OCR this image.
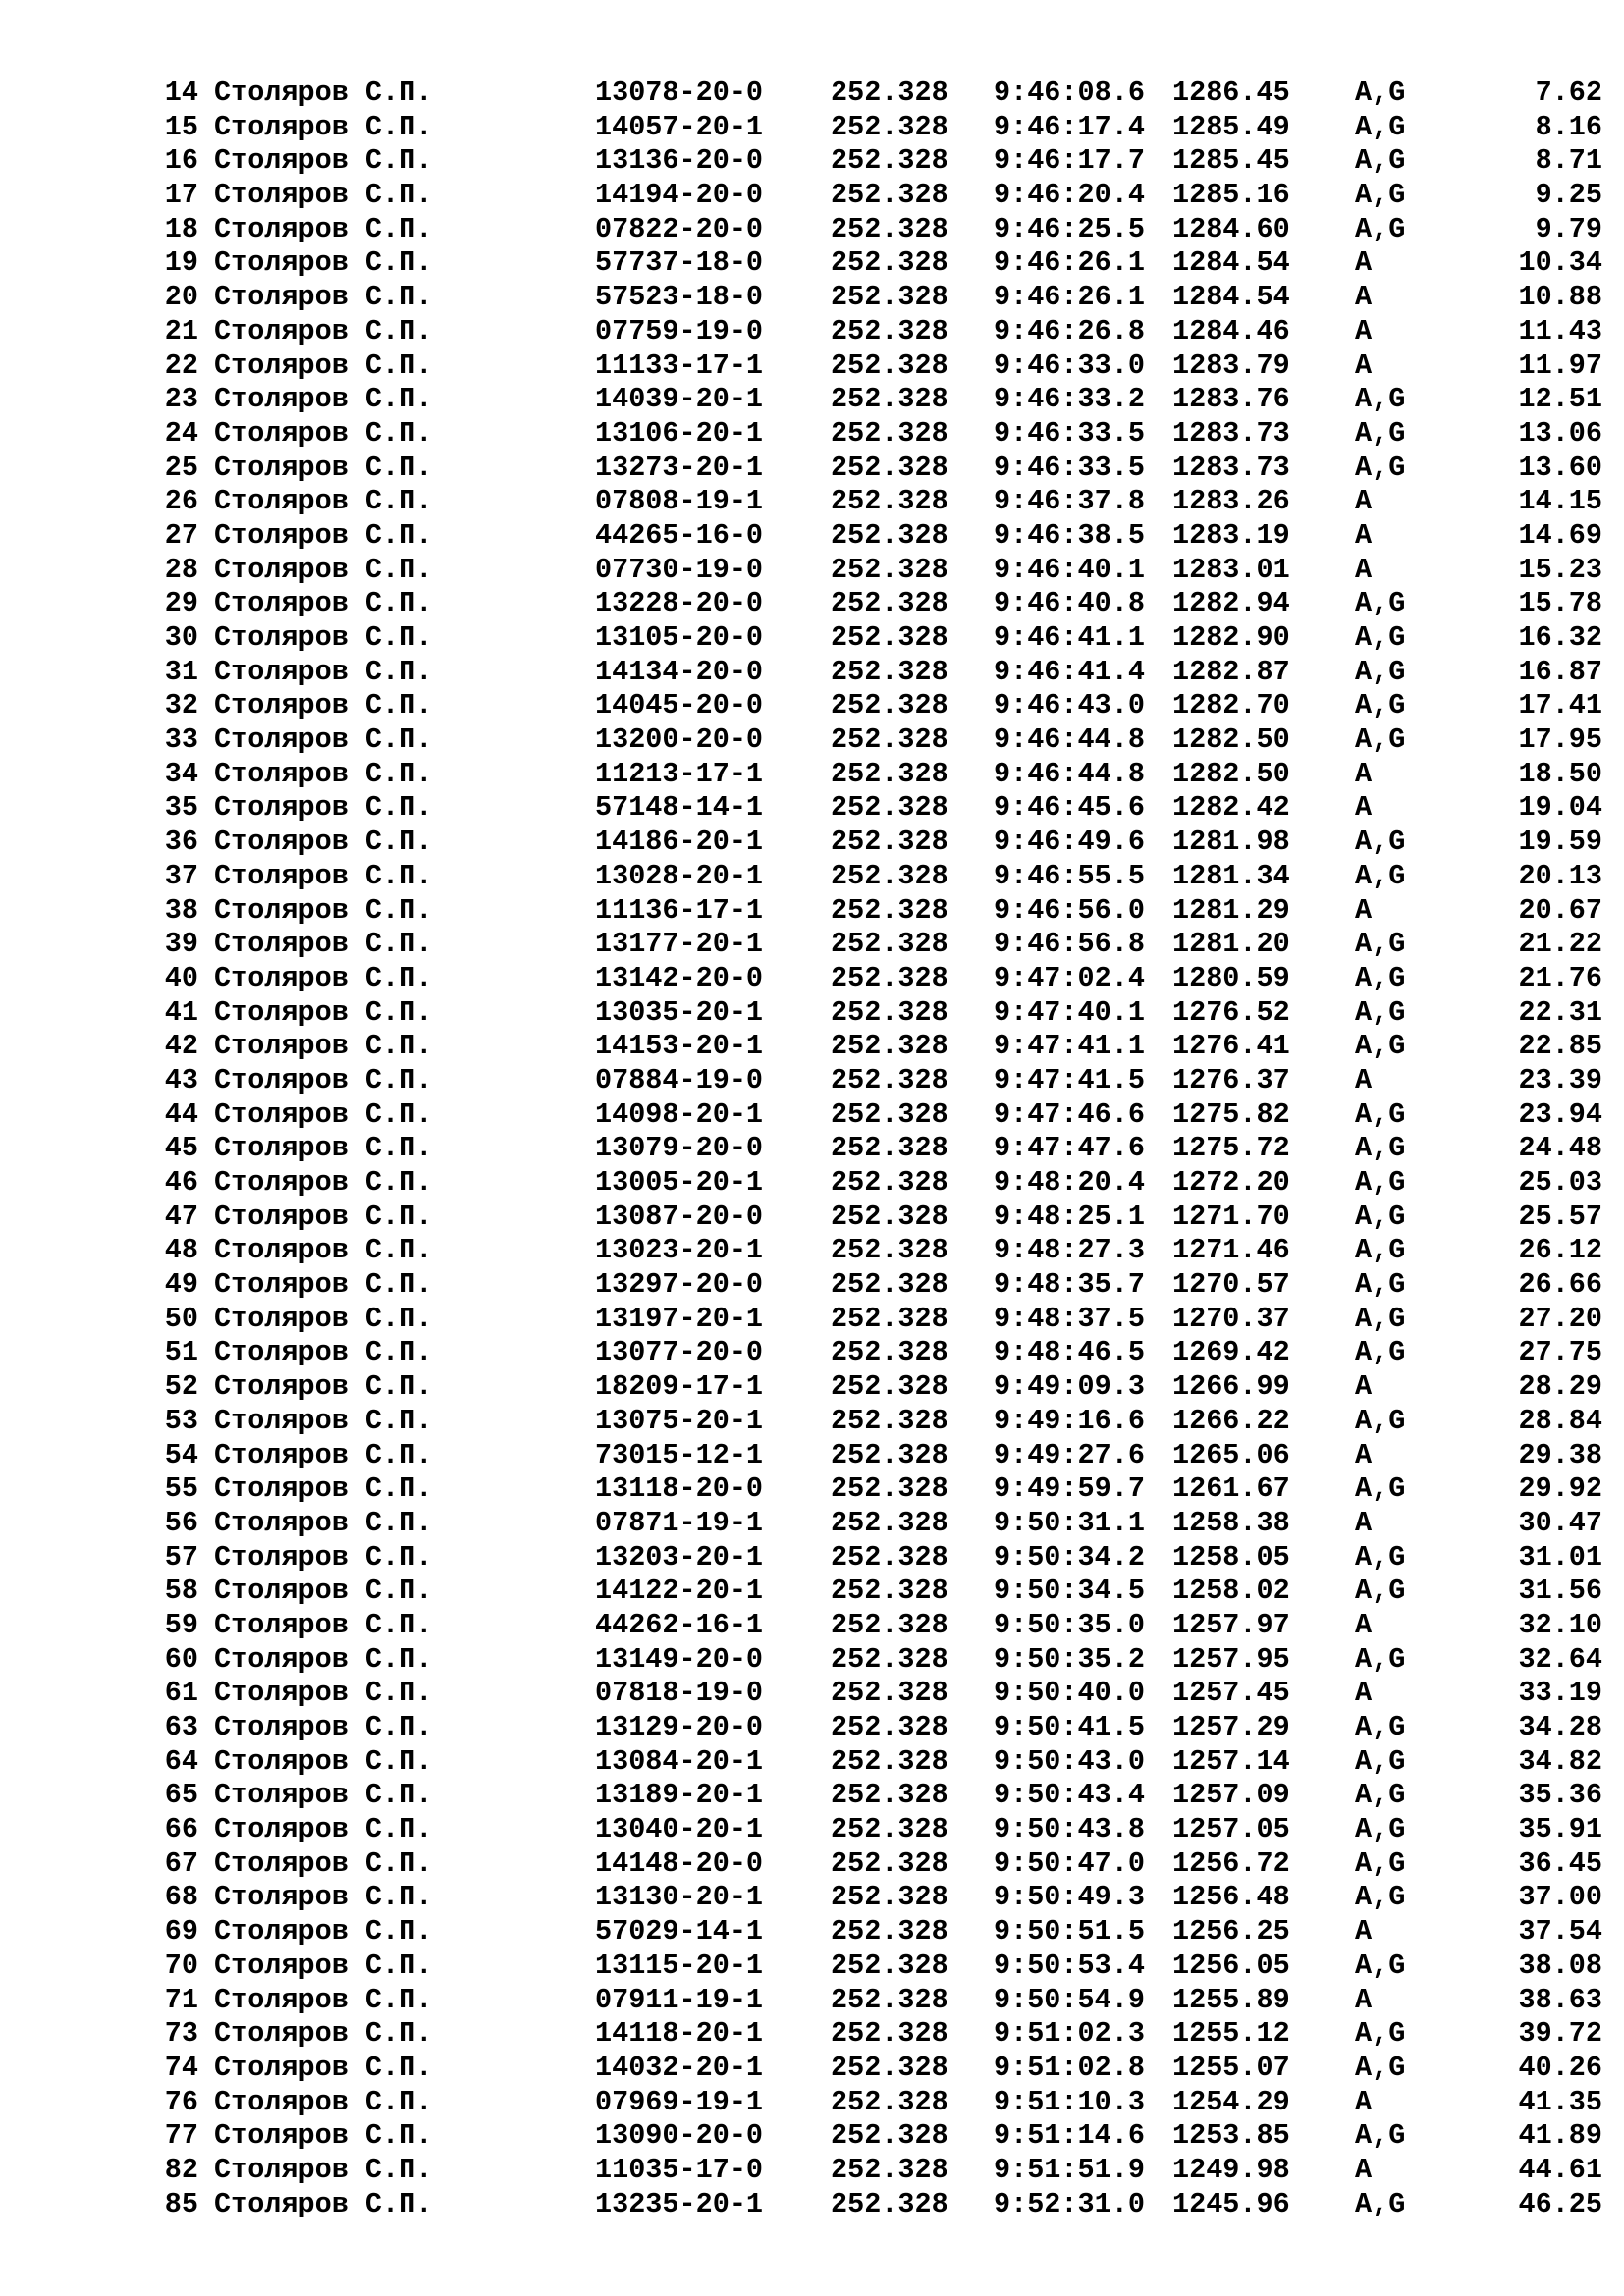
14 Столяров С.П.	13078-20-0 252.328 9:46:08.6 1286.45 A,G	7.62
15 Столяров С.П.	14057-20-1 252.328 9:46:17.4 1285.49 A,G	8.16
16 Столяров С.П.	13136-20-0 252.328 9:46:17.7 1285.45 A,G	8.71
17 Столяров С.П.	14194-20-0 252.328 9:46:20.4 1285.16 A,G	9.25
18 Столяров С.П.	07822-20-0 252.328 9:46:25.5 1284.60 A,G	9.79
19 Столяров С.П.	57737-18-0 252.328 9:46:26.1 1284.54 A	10.34
20 Столяров С.П.	57523-18-0 252.328 9:46:26.1 1284.54 A	10.88
21 Столяров С.П.	07759-19-0 252.328 9:46:26.8 1284.46 A	11.43
22 Столяров С.П.	11133-17-1 252.328 9:46:33.0 1283.79 A	11.97
23 Столяров С.П.	14039-20-1 252.328 9:46:33.2 1283.76 A,G	12.51
24 Столяров С.П.	13106-20-1 252.328 9:46:33.5 1283.73 A,G	13.06
25 Столяров С.П.	13273-20-1 252.328 9:46:33.5 1283.73 A,G	13.60
26 Столяров С.П.	07808-19-1 252.328 9:46:37.8 1283.26 A	14.15
27 Столяров С.П.	44265-16-0 252.328 9:46:38.5 1283.19 A	14.69
28 Столяров С.П.	07730-19-0 252.328 9:46:40.1 1283.01 A	15.23
29 Столяров С.П.	13228-20-0 252.328 9:46:40.8 1282.94 A,G	15.78
30 Столяров С.П.	13105-20-0 252.328 9:46:41.1 1282.90 A,G	16.32
31 Столяров С.П.	14134-20-0 252.328 9:46:41.4 1282.87 A,G	16.87
32 Столяров С.П.	14045-20-0 252.328 9:46:43.0 1282.70 A,G	17.41
33 Столяров С.П.	13200-20-0 252.328 9:46:44.8 1282.50 A,G	17.95
34 Столяров С.П.	11213-17-1 252.328 9:46:44.8 1282.50 A	18.50
35 Столяров С.П.	57148-14-1 252.328 9:46:45.6 1282.42 A	19.04
36 Столяров С.П.	14186-20-1 252.328 9:46:49.6 1281.98 A,G	19.59
37 Столяров С.П.	13028-20-1 252.328 9:46:55.5 1281.34 A,G	20.13
38 Столяров С.П.	11136-17-1 252.328 9:46:56.0 1281.29 A	20.67
39 Столяров С.П.	13177-20-1 252.328 9:46:56.8 1281.20 A,G	21.22
40 Столяров С.П.	13142-20-0 252.328 9:47:02.4 1280.59 A,G	21.76
41 Столяров С.П.	13035-20-1 252.328 9:47:40.1 1276.52 A,G	22.31
42 Столяров С.П.	14153-20-1 252.328 9:47:41.1 1276.41 A,G	22.85
43 Столяров С.П.	07884-19-0 252.328 9:47:41.5 1276.37 A	23.39
44 Столяров С.П.	14098-20-1 252.328 9:47:46.6 1275.82 A,G	23.94
45 Столяров С.П.	13079-20-0 252.328 9:47:47.6 1275.72 A,G	24.48
46 Столяров С.П.	13005-20-1 252.328 9:48:20.4 1272.20 A,G	25.03
47 Столяров С.П.	13087-20-0 252.328 9:48:25.1 1271.70 A,G	25.57
48 Столяров С.П.	13023-20-1 252.328 9:48:27.3 1271.46 A,G	26.12
49 Столяров С.П.	13297-20-0 252.328 9:48:35.7 1270.57 A,G	26.66
50 Столяров С.П.	13197-20-1 252.328 9:48:37.5 1270.37 A,G	27.20
51 Столяров С.П.	13077-20-0 252.328 9:48:46.5 1269.42 A,G	27.75
52 Столяров С.П.	18209-17-1 252.328 9:49:09.3 1266.99 A	28.29
53 Столяров С.П.	13075-20-1 252.328 9:49:16.6 1266.22 A,G	28.84
54 Столяров С.П.	73015-12-1 252.328 9:49:27.6 1265.06 A	29.38
55 Столяров С.П.	13118-20-0 252.328 9:49:59.7 1261.67 A,G	29.92
56 Столяров С.П.	07871-19-1 252.328 9:50:31.1 1258.38 A	30.47
57 Столяров С.П.	13203-20-1 252.328 9:50:34.2 1258.05 A,G	31.01
58 Столяров С.П.	14122-20-1 252.328 9:50:34.5 1258.02 A,G	31.56
59 Столяров С.П.	44262-16-1 252.328 9:50:35.0 1257.97 A	32.10
60 Столяров С.П.	13149-20-0 252.328 9:50:35.2 1257.95 A,G	32.64
61 Столяров С.П.	07818-19-0 252.328 9:50:40.0 1257.45 A	33.19
63 Столяров С.П.	13129-20-0 252.328 9:50:41.5 1257.29 A,G	34.28
64 Столяров С.П.	13084-20-1 252.328 9:50:43.0 1257.14 A,G	34.82
65 Столяров С.П.	13189-20-1 252.328 9:50:43.4 1257.09 A,G	35.36
66 Столяров С.П.	13040-20-1 252.328 9:50:43.8 1257.05 A,G	35.91
67 Столяров С.П.	14148-20-0 252.328 9:50:47.0 1256.72 A,G	36.45
68 Столяров С.П.	13130-20-1 252.328 9:50:49.3 1256.48 A,G	37.00
69 Столяров С.П.	57029-14-1 252.328 9:50:51.5 1256.25 A	37.54
70 Столяров С.П.	13115-20-1 252.328 9:50:53.4 1256.05 A,G	38.08
71 Столяров С.П.	07911-19-1 252.328 9:50:54.9 1255.89 A	38.63
73 Столяров С.П.	14118-20-1 252.328 9:51:02.3 1255.12 A,G	39.72
74 Столяров С.П.	14032-20-1 252.328 9:51:02.8 1255.07 A,G	40.26
76 Столяров С.П.	07969-19-1 252.328 9:51:10.3 1254.29 A	41.35
77 Столяров С.П.	13090-20-0 252.328 9:51:14.6 1253.85 A,G	41.89
82 Столяров С.П.	11035-17-0 252.328 9:51:51.9 1249.98 A	44.61
85 Столяров С.П.	13235-20-1 252.328 9:52:31.0 1245.96 A,G	46.25
